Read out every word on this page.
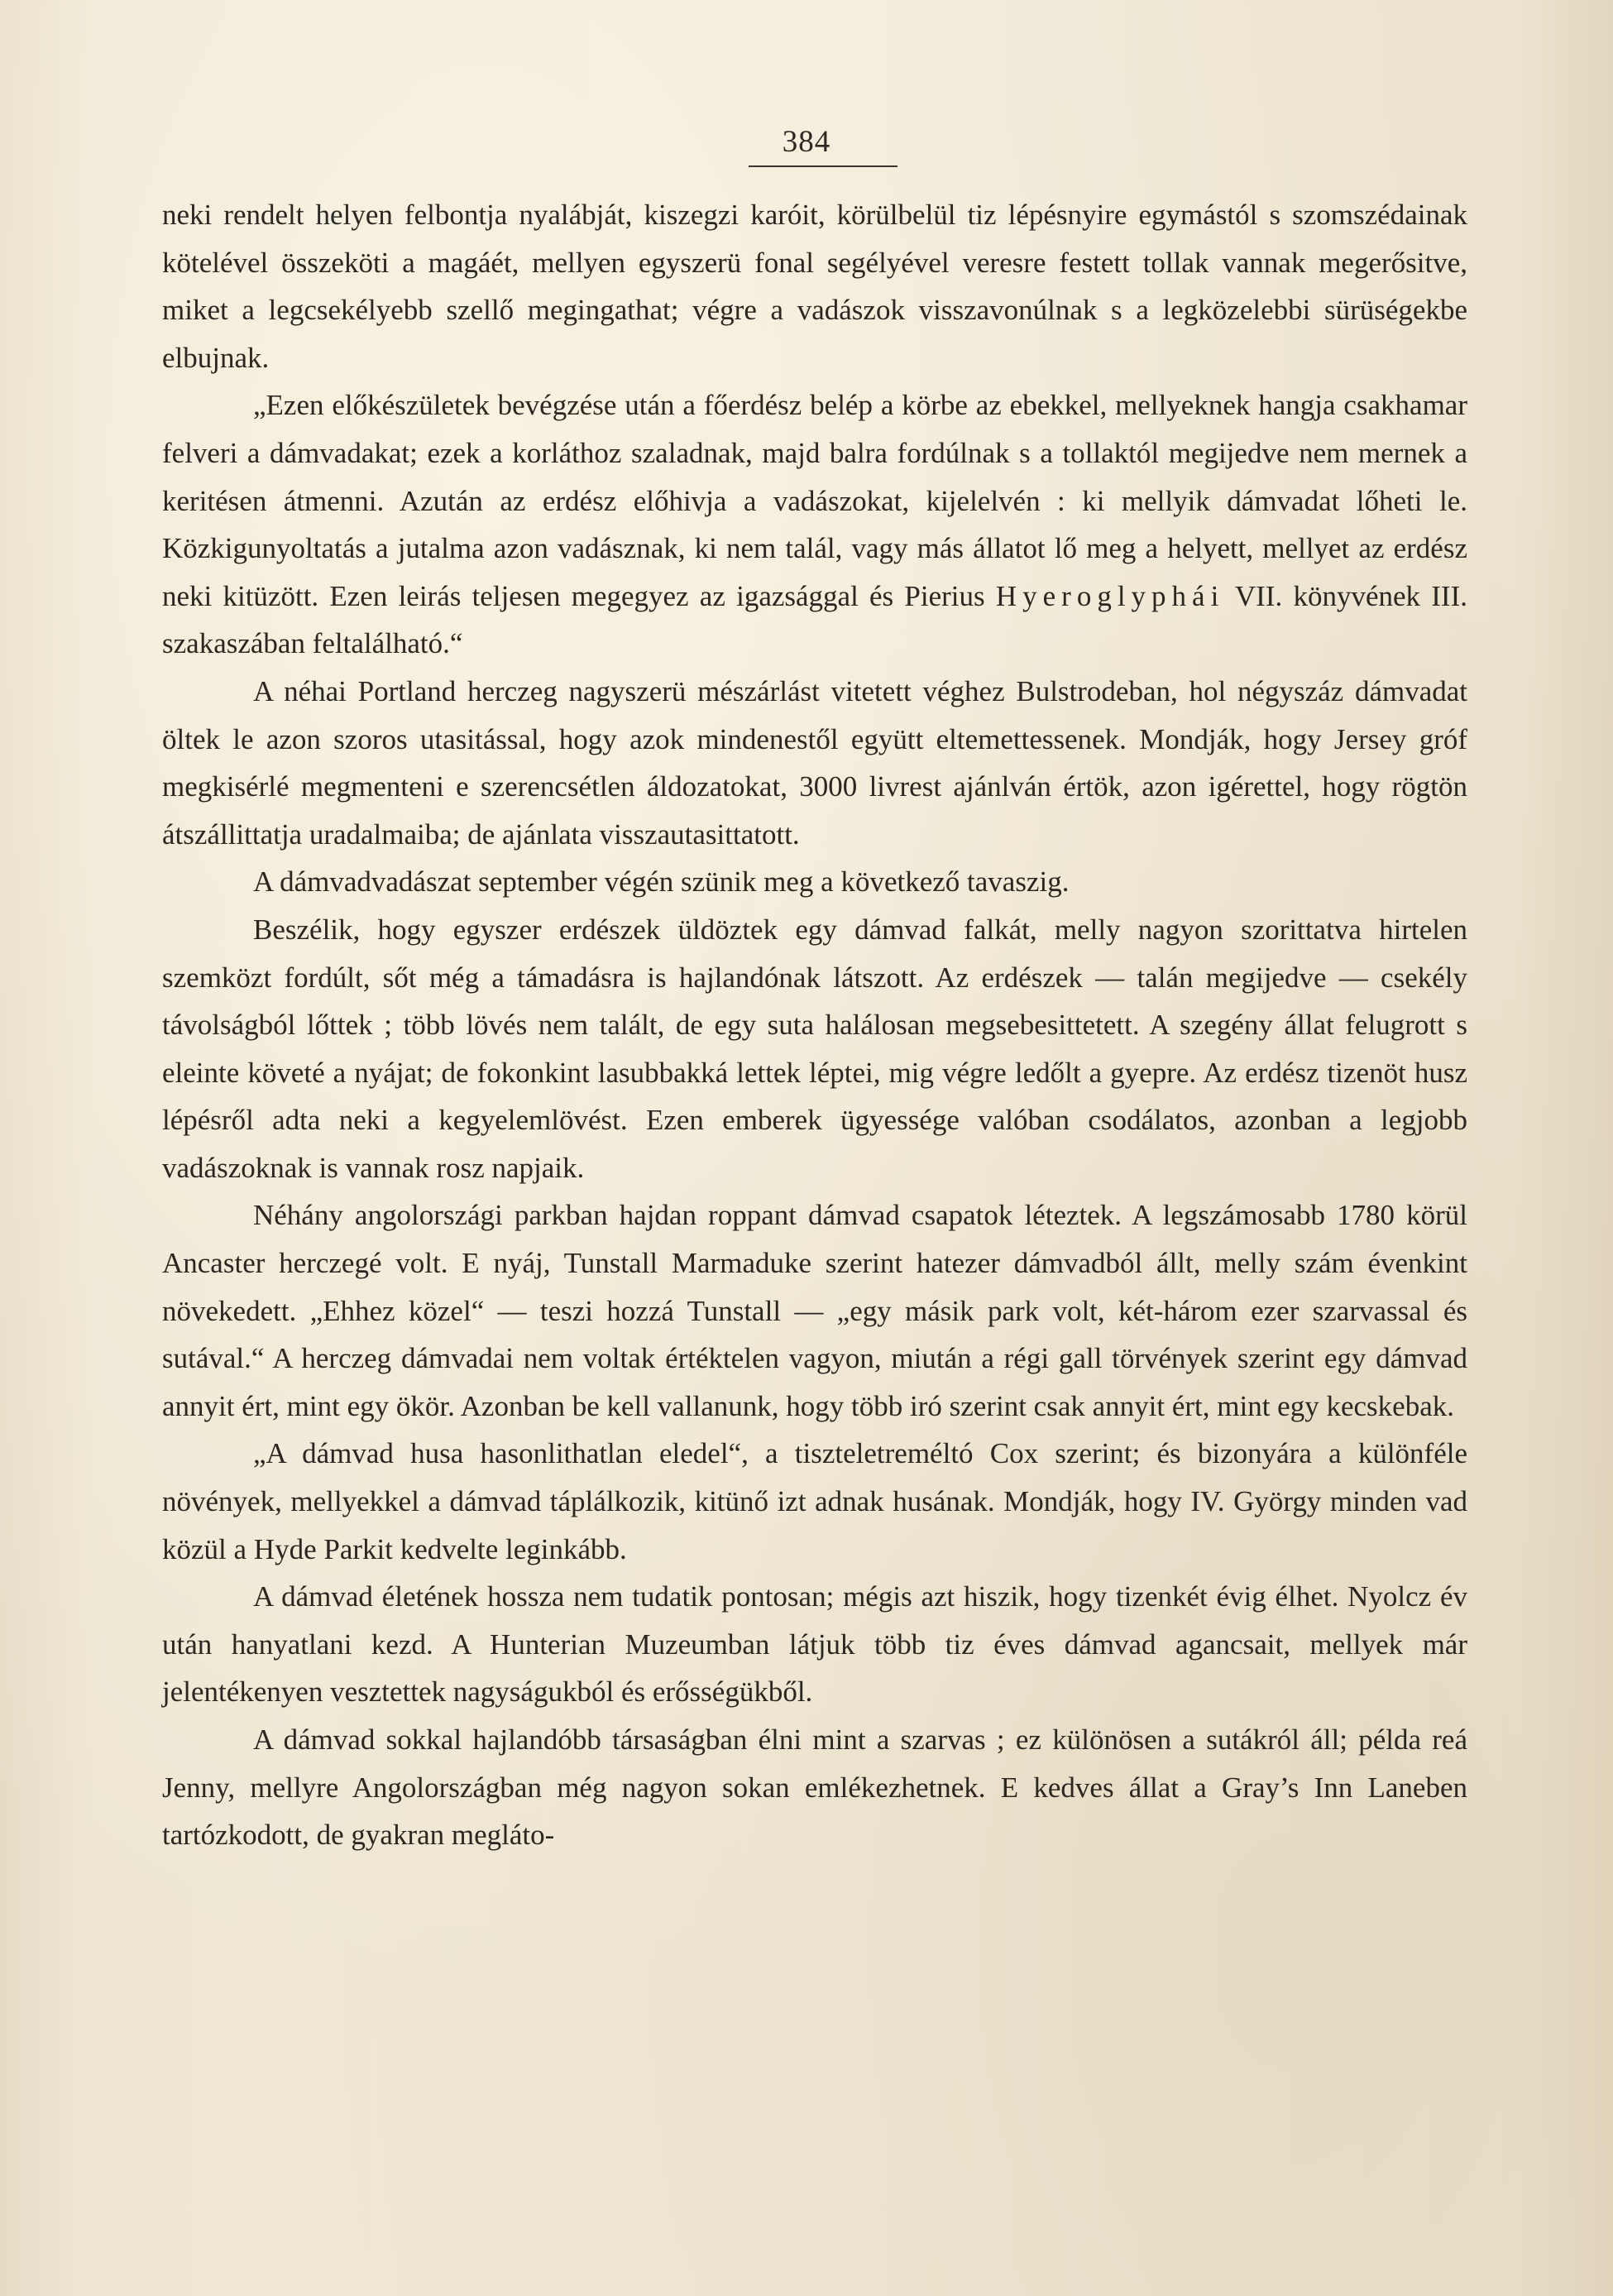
384

neki rendelt helyen felbontja nyalábját, kiszegzi karóit, körülbelül tiz lépésnyire egymástól s szomszédainak kötelével összeköti a magáét, mellyen egyszerü fonal segélyével veresre festett tollak vannak megerősitve, miket a legcsekélyebb szellő megingathat; végre a vadászok visszavonúlnak s a legközelebbi sürüségekbe elbujnak.

„Ezen előkészületek bevégzése után a főerdész belép a körbe az ebekkel, mellyeknek hangja csakhamar felveri a dámvadakat; ezek a korláthoz szaladnak, majd balra fordúlnak s a tollaktól megijedve nem mernek a keritésen átmenni. Azután az erdész előhivja a vadászokat, kijelelvén : ki mellyik dámvadat lőheti le. Közkigunyoltatás a jutalma azon vadásznak, ki nem talál, vagy más állatot lő meg a helyett, mellyet az erdész neki kitüzött. Ezen leirás teljesen megegyez az igazsággal és Pierius Hyeroglyphái VII. könyvének III. szakaszában feltalálható.“

A néhai Portland herczeg nagyszerü mészárlást vitetett véghez Bulstrodeban, hol négyszáz dámvadat öltek le azon szoros utasitással, hogy azok mindenestől együtt eltemettessenek. Mondják, hogy Jersey gróf megkisérlé megmenteni e szerencsétlen áldozatokat, 3000 livrest ajánlván értök, azon igérettel, hogy rögtön átszállittatja uradalmaiba; de ajánlata visszautasittatott.

A dámvadvadászat september végén szünik meg a következő tavaszig.

Beszélik, hogy egyszer erdészek üldöztek egy dámvad falkát, melly nagyon szorittatva hirtelen szemközt fordúlt, sőt még a támadásra is hajlandónak látszott. Az erdészek — talán megijedve — csekély távolságból lőttek ; több lövés nem talált, de egy suta halálosan megsebesittetett. A szegény állat felugrott s eleinte követé a nyájat; de fokonkint lasubbakká lettek léptei, mig végre ledőlt a gyepre. Az erdész tizenöt husz lépésről adta neki a kegyelemlövést. Ezen emberek ügyessége valóban csodálatos, azonban a legjobb vadászoknak is vannak rosz napjaik.

Néhány angolországi parkban hajdan roppant dámvad csapatok léteztek. A legszámosabb 1780 körül Ancaster herczegé volt. E nyáj, Tunstall Marmaduke szerint hatezer dámvadból állt, melly szám évenkint növekedett. „Ehhez közel“ — teszi hozzá Tunstall — „egy másik park volt, két-három ezer szarvassal és sutával.“ A herczeg dámvadai nem voltak értéktelen vagyon, miután a régi gall törvények szerint egy dámvad annyit ért, mint egy ökör. Azonban be kell vallanunk, hogy több iró szerint csak annyit ért, mint egy kecskebak.

„A dámvad husa hasonlithatlan eledel“, a tiszteletreméltó Cox szerint; és bizonyára a különféle növények, mellyekkel a dámvad táplálkozik, kitünő izt adnak husának. Mondják, hogy IV. György minden vad közül a Hyde Parkit kedvelte leginkább.

A dámvad életének hossza nem tudatik pontosan; mégis azt hiszik, hogy tizenkét évig élhet. Nyolcz év után hanyatlani kezd. A Hunterian Muzeumban látjuk több tiz éves dámvad agancsait, mellyek már jelentékenyen vesztettek nagyságukból és erősségükből.

A dámvad sokkal hajlandóbb társaságban élni mint a szarvas ; ez különösen a sutákról áll; példa reá Jenny, mellyre Angolországban még nagyon sokan emlékezhetnek. E kedves állat a Gray’s Inn Laneben tartózkodott, de gyakran megláto-
